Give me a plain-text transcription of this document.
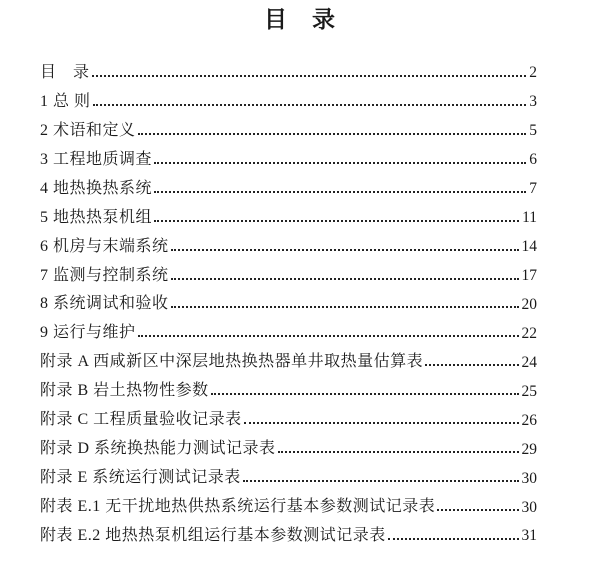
目　录
目　录	2
1 总 则	3
2 术语和定义	5
3 工程地质调查	6
4 地热换热系统	7
5 地热热泵机组	11
6 机房与末端系统	14
7 监测与控制系统	17
8 系统调试和验收	20
9 运行与维护	22
附录 A 西咸新区中深层地热换热器单井取热量估算表	24
附录 B 岩土热物性参数	25
附录 C 工程质量验收记录表	26
附录 D 系统换热能力测试记录表	29
附录 E 系统运行测试记录表	30
附表 E.1 无干扰地热供热系统运行基本参数测试记录表	30
附表 E.2 地热热泵机组运行基本参数测试记录表	31
